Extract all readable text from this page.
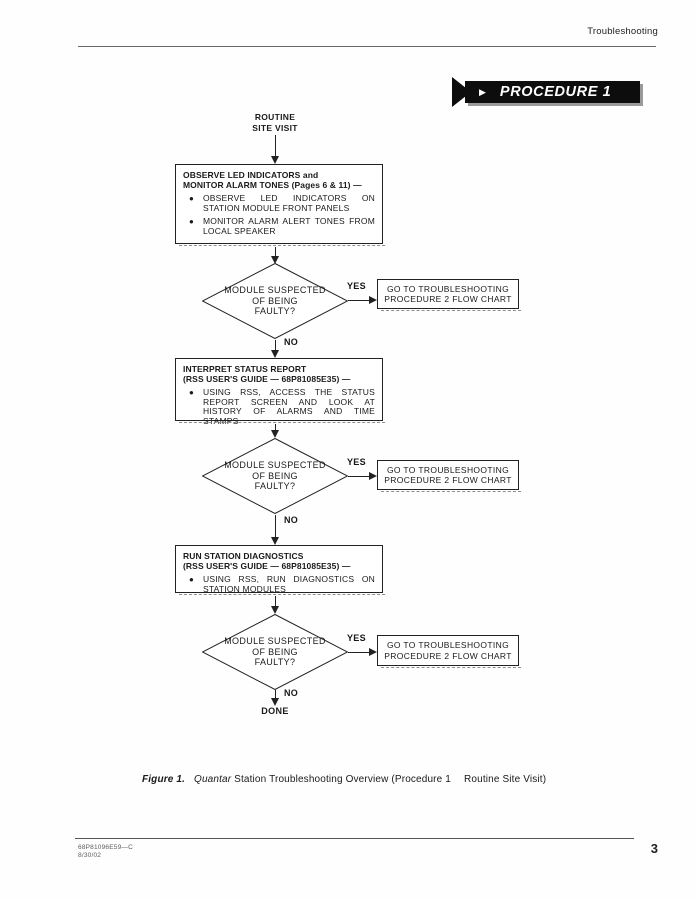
Troubleshooting
▶ PROCEDURE 1
ROUTINE
SITE VISIT
OBSERVE LED INDICATORS and
MONITOR ALARM TONES (Pages 6 & 11) —
●	OBSERVE LED INDICATORS ON STATION MODULE FRONT PANELS
●	MONITOR ALARM ALERT TONES FROM LOCAL SPEAKER
MODULE SUSPECTED
OF BEING
FAULTY?
YES GO TO TROUBLESHOOTING
PROCEDURE 2 FLOW CHART
NO
INTERPRET STATUS REPORT
(RSS USER'S GUIDE — 68P81085E35) —
●	USING RSS, ACCESS THE STATUS REPORT SCREEN AND LOOK AT HISTORY OF ALARMS AND TIME STAMPS
MODULE SUSPECTED
OF BEING
FAULTY?
YES
GO TO TROUBLESHOOTING
PROCEDURE 2 FLOW CHART
NO
RUN STATION DIAGNOSTICS
(RSS USER'S GUIDE — 68P81085E35) —
●	USING RSS, RUN DIAGNOSTICS ON STATION MODULES
MODULE SUSPECTED
OF BEING
FAULTY?
YES
GO TO TROUBLESHOOTING
PROCEDURE 2 FLOW CHART
NO
DONE
Figure 1. Quantar Station Troubleshooting Overview (Procedure 1 Routine Site Visit)
68P81096E59—C
8/30/02	3
